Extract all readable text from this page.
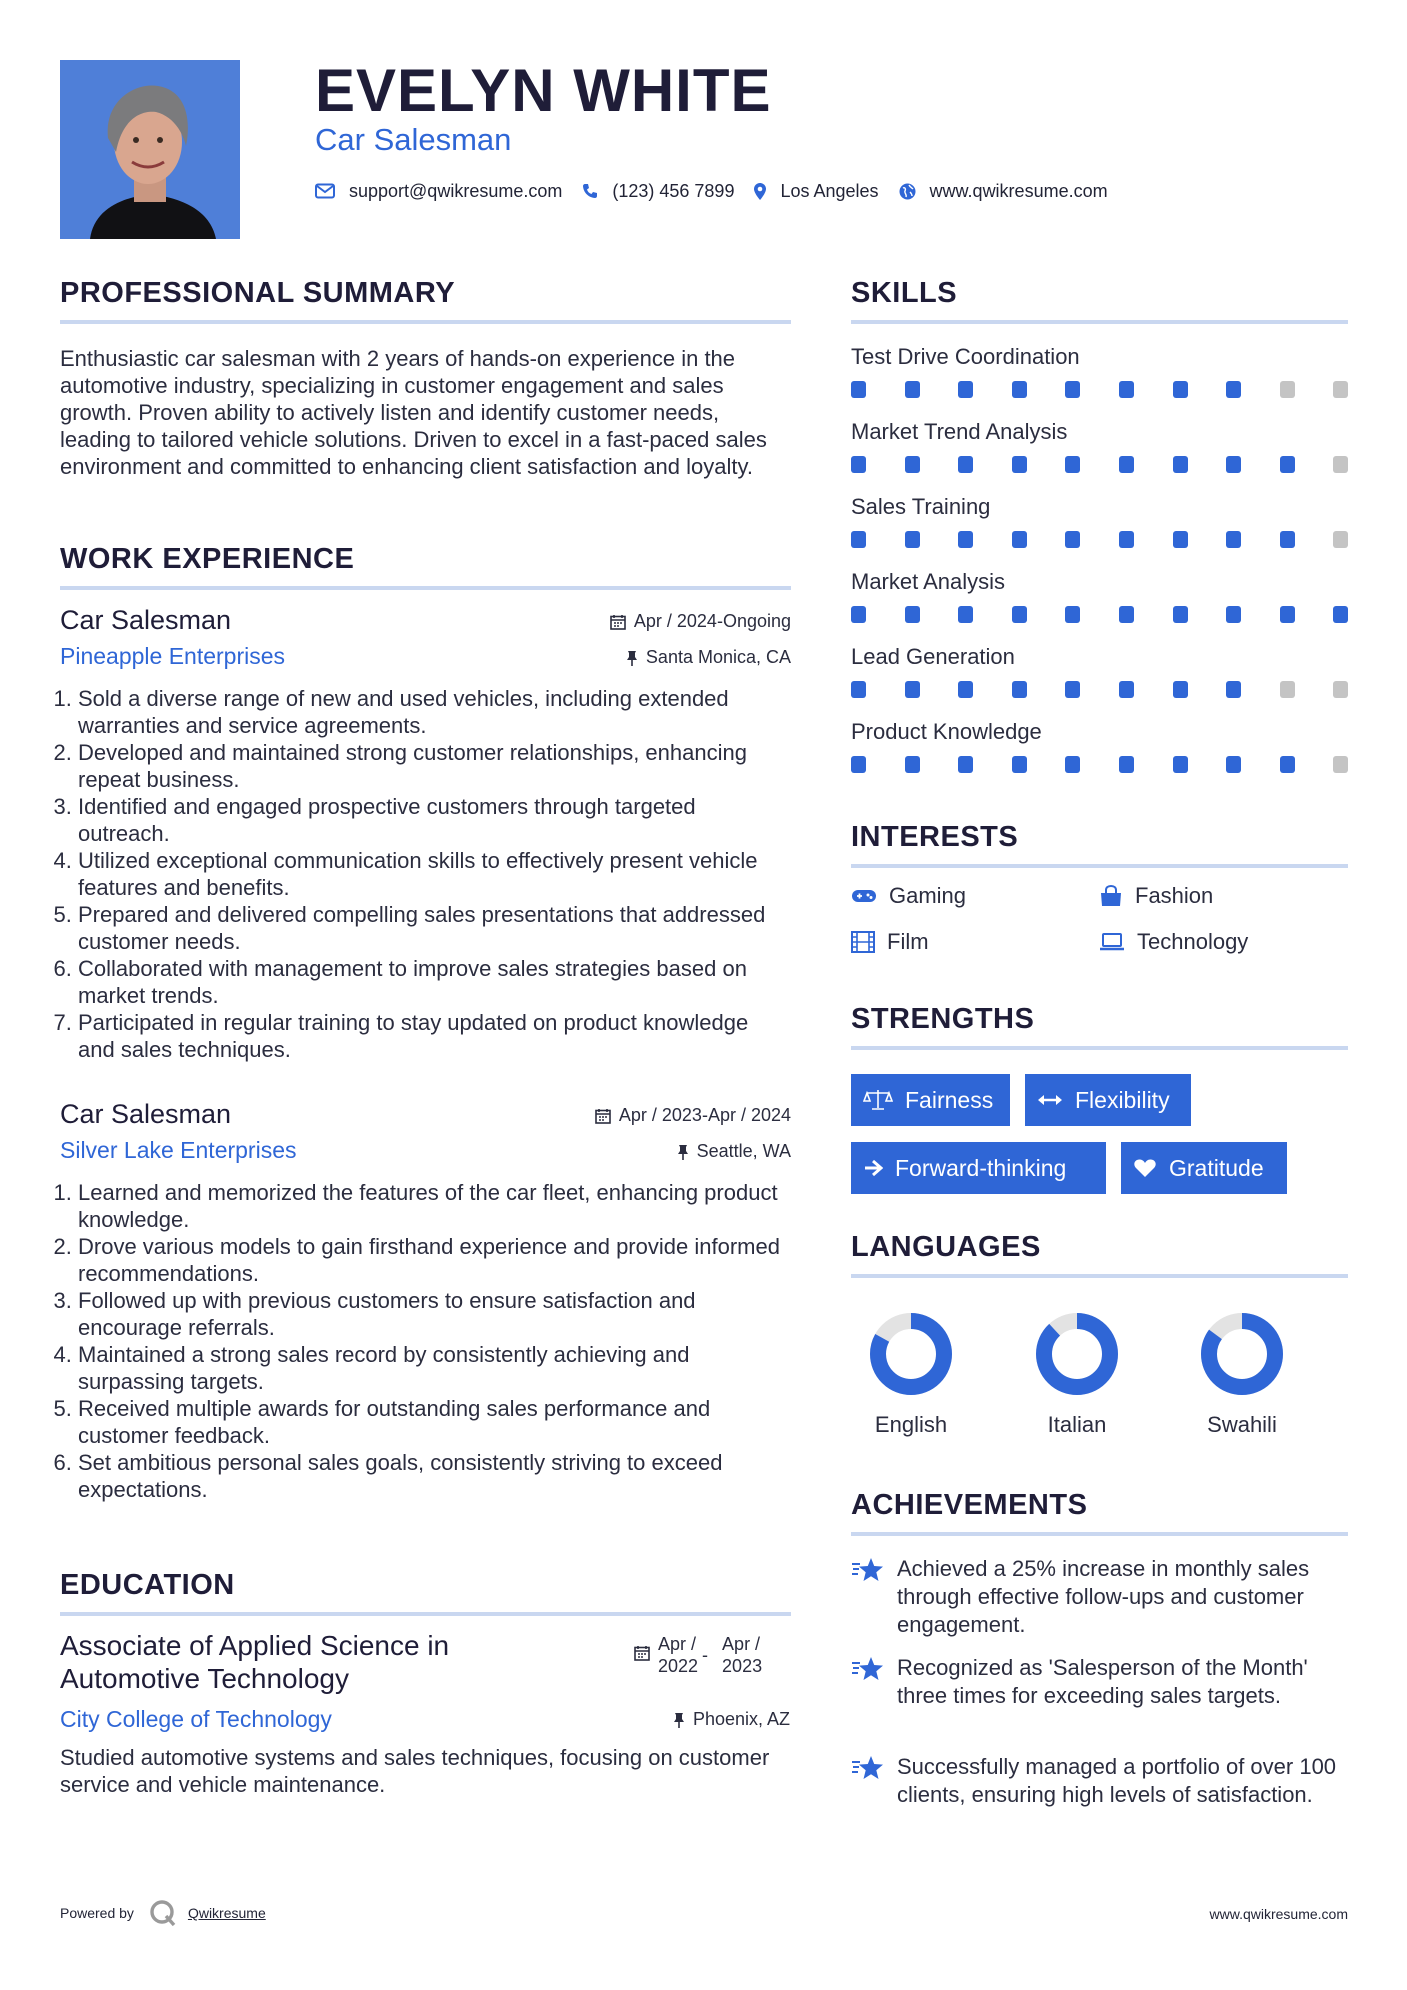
EVELYN WHITE
Car Salesman
support@qwikresume.com	(123) 456 7899	Los Angeles	www.qwikresume.com
PROFESSIONAL SUMMARY
Enthusiastic car salesman with 2 years of hands-on experience in the automotive industry, specializing in customer engagement and sales growth. Proven ability to actively listen and identify customer needs, leading to tailored vehicle solutions. Driven to excel in a fast-paced sales environment and committed to enhancing client satisfaction and loyalty.
WORK EXPERIENCE
Car Salesman	Apr / 2024-Ongoing
Pineapple Enterprises	Santa Monica, CA
1. Sold a diverse range of new and used vehicles, including extended warranties and service agreements.
2. Developed and maintained strong customer relationships, enhancing repeat business.
3. Identified and engaged prospective customers through targeted outreach.
4. Utilized exceptional communication skills to effectively present vehicle features and benefits.
5. Prepared and delivered compelling sales presentations that addressed customer needs.
6. Collaborated with management to improve sales strategies based on market trends.
7. Participated in regular training to stay updated on product knowledge and sales techniques.
Car Salesman	Apr / 2023-Apr / 2024
Silver Lake Enterprises	Seattle, WA
1. Learned and memorized the features of the car fleet, enhancing product knowledge.
2. Drove various models to gain firsthand experience and provide informed recommendations.
3. Followed up with previous customers to ensure satisfaction and encourage referrals.
4. Maintained a strong sales record by consistently achieving and surpassing targets.
5. Received multiple awards for outstanding sales performance and customer feedback.
6. Set ambitious personal sales goals, consistently striving to exceed expectations.
EDUCATION
Associate of Applied Science in Automotive Technology
Apr /
2022
-
Apr /
2023
City College of Technology	Phoenix, AZ
Studied automotive systems and sales techniques, focusing on customer service and vehicle maintenance.
SKILLS
Test Drive Coordination
Market Trend Analysis
Sales Training
Market Analysis
Lead Generation
Product Knowledge
INTERESTS
Gaming	Fashion
Film	Technology
STRENGTHS
Fairness	Flexibility
Forward-thinking	Gratitude
LANGUAGES
English	Italian	Swahili
ACHIEVEMENTS
Achieved a 25% increase in monthly sales through effective follow-ups and customer engagement.
Recognized as 'Salesperson of the Month' three times for exceeding sales targets.
Successfully managed a portfolio of over 100 clients, ensuring high levels of satisfaction.
Powered by	Qwikresume	www.qwikresume.com
